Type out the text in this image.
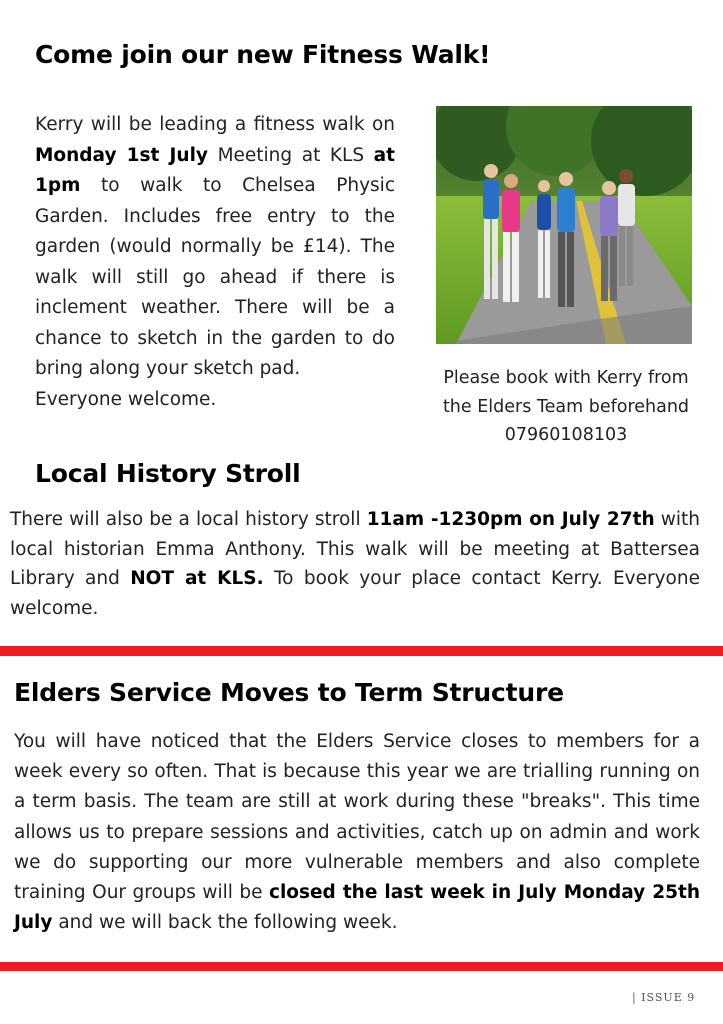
Come join our new Fitness Walk!
Kerry will be leading a fitness walk on Monday 1st July Meeting at KLS at 1pm to walk to Chelsea Physic Garden. Includes free entry to the garden (would normally be £14). The walk will still go ahead if there is inclement weather. There will be a chance to sketch in the garden to do bring along your sketch pad.
Everyone welcome.
Please book with Kerry from
the Elders Team beforehand
07960108103
Local History Stroll
There will also be a local history stroll 11am -1230pm on July 27th with local historian Emma Anthony. This walk will be meeting at Battersea Library and NOT at KLS. To book your place contact Kerry. Everyone welcome.
Elders Service Moves to Term Structure
You will have noticed that the Elders Service closes to members for a week every so often. That is because this year we are trialling running on a term basis. The team are still at work during these "breaks". This time allows us to prepare sessions and activities, catch up on admin and work we do supporting our more vulnerable members and also complete training Our groups will be closed the last week in July Monday 25th July and we will back the following week.
| ISSUE 9
